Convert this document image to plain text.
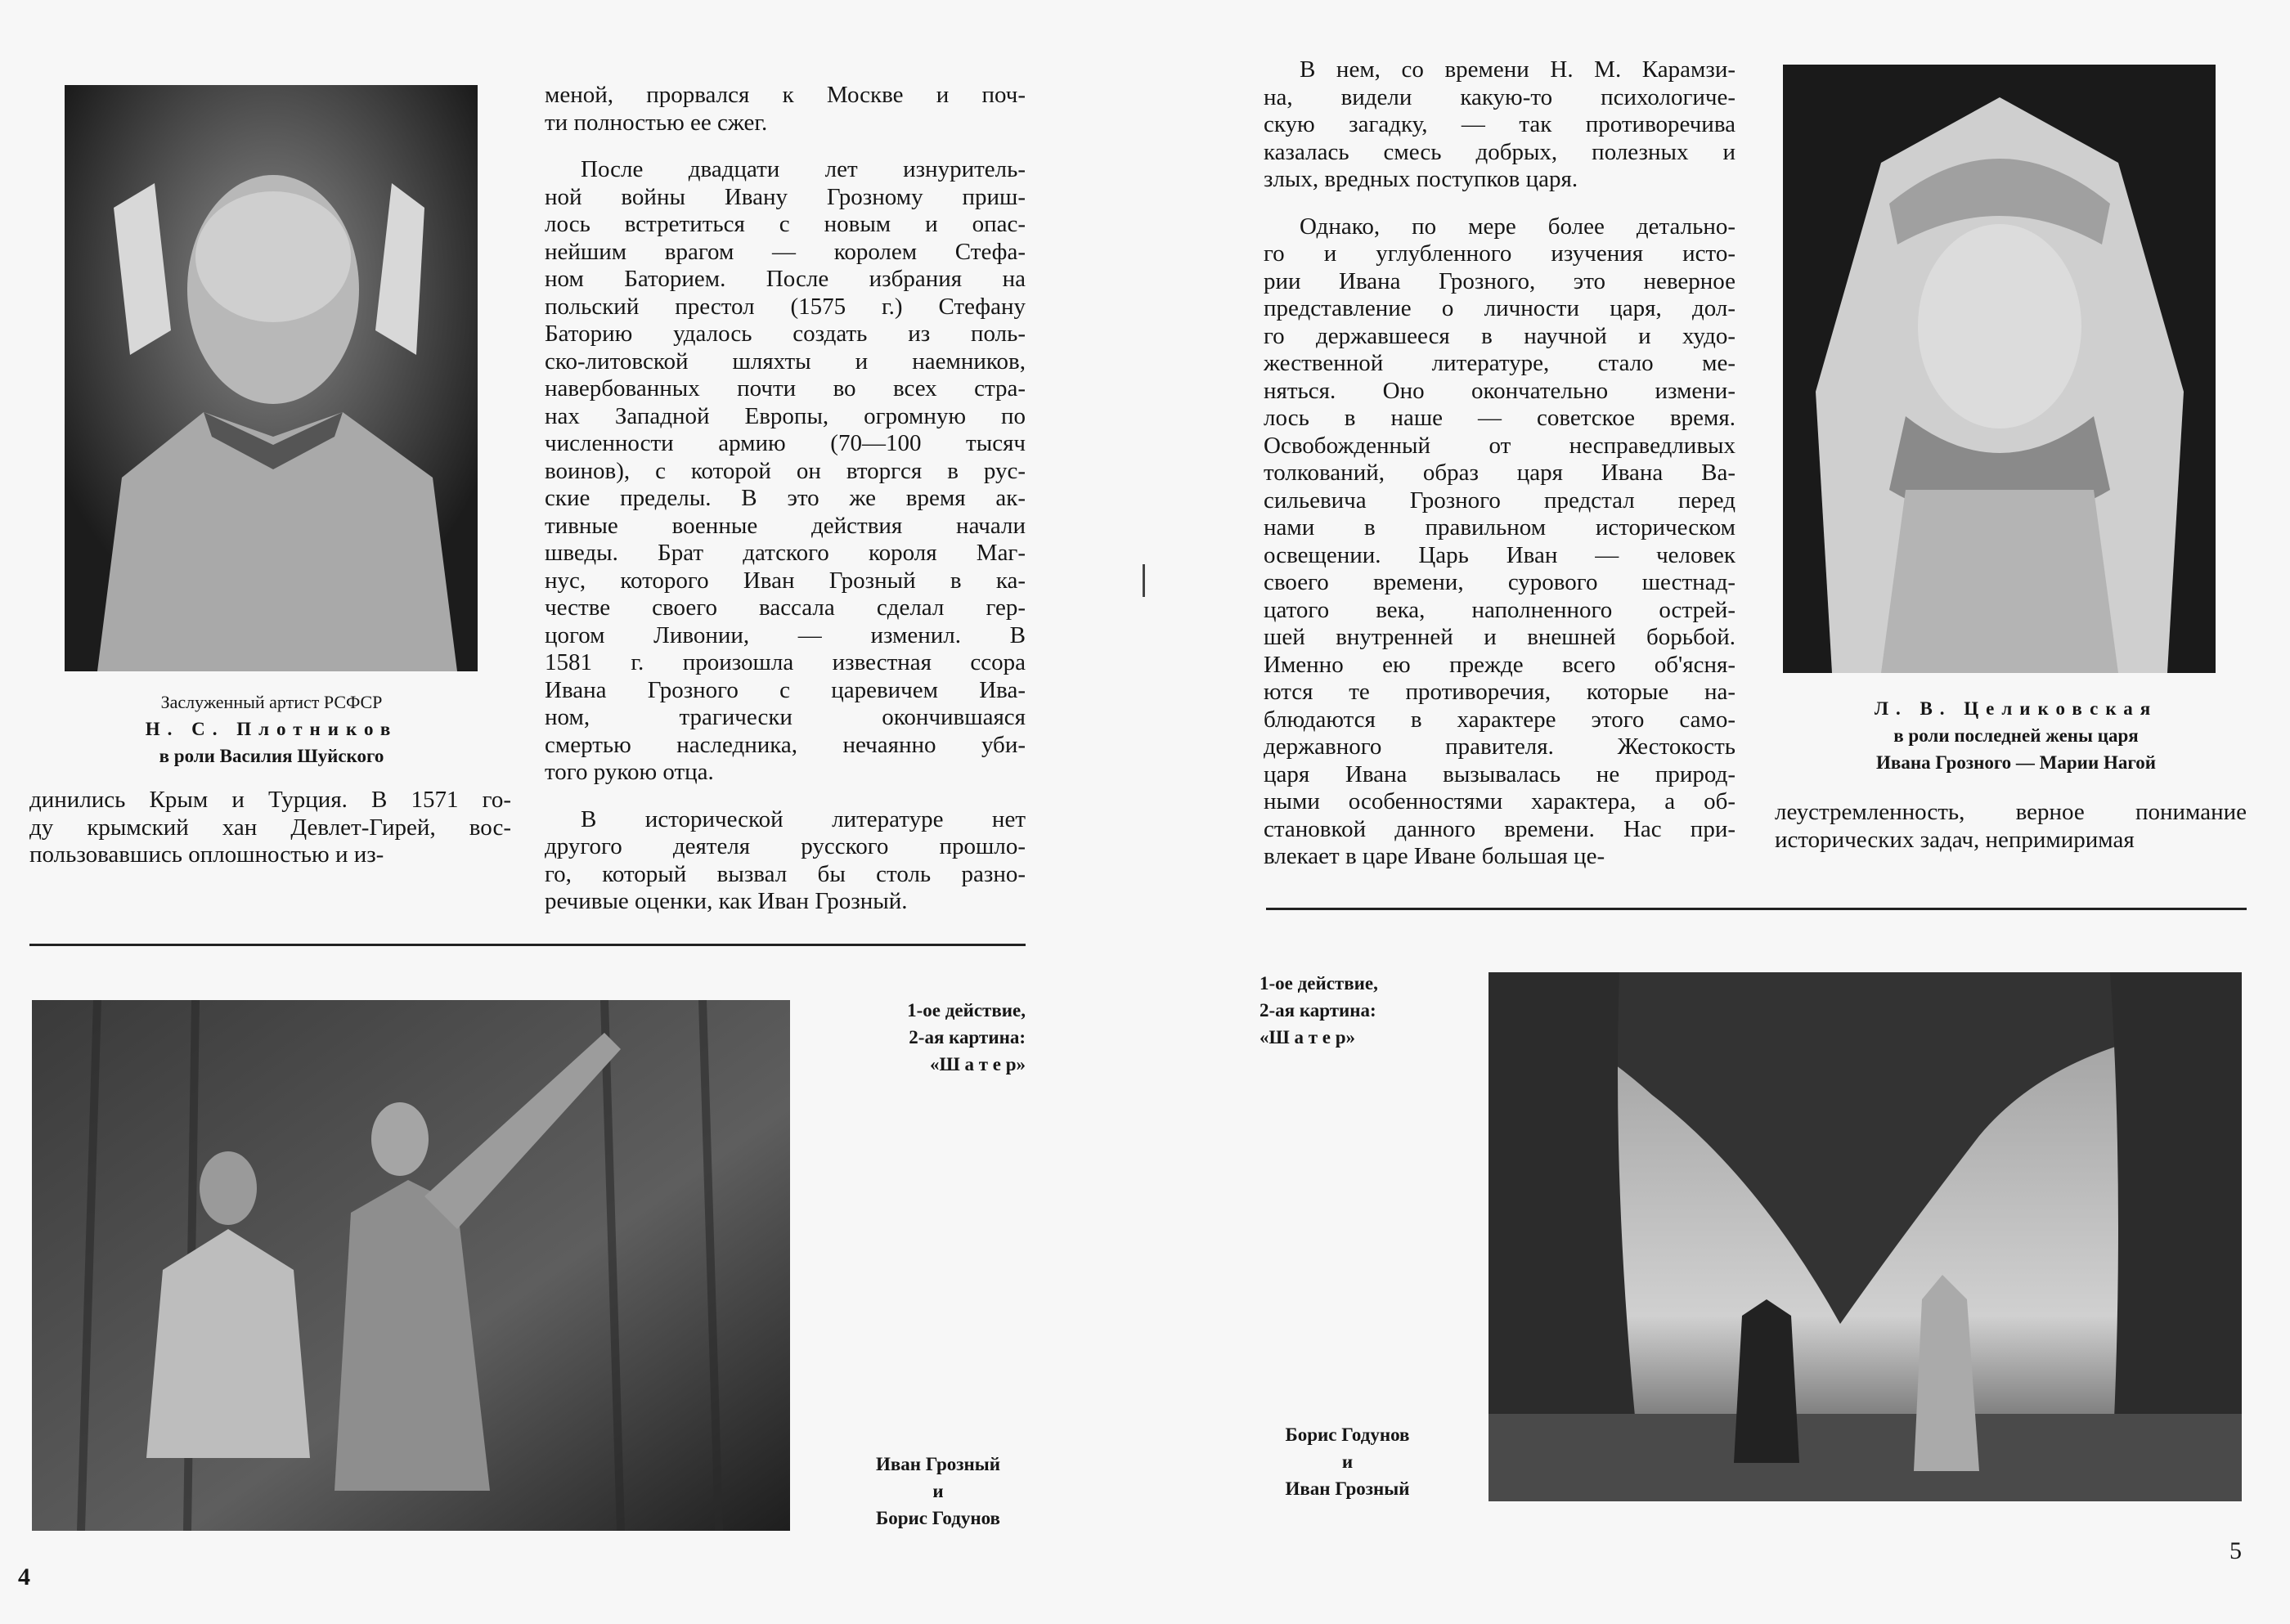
Заслуженный артист РСФСР
Н. С. Плотников
в роли Василия Шуйского
динились Крым и Турция. В 1571 го-
ду крымский хан Девлет-Гирей, вос-
пользовавшись оплошностью и из-
меной, прорвался к Москве и поч-
ти полностью ее сжег.
После двадцати лет изнуритель-
ной войны Ивану Грозному приш-
лось встретиться с новым и опас-
нейшим врагом — королем Стефа-
ном Баторием. После избрания на
польский престол (1575 г.) Стефану
Баторию удалось создать из поль-
ско-литовской шляхты и наемников,
навербованных почти во всех стра-
нах Западной Европы, огромную по
численности армию (70—100 тысяч
воинов), с которой он вторгся в рус-
ские пределы. В это же время ак-
тивные военные действия начали
шведы. Брат датского короля Маг-
нус, которого Иван Грозный в ка-
честве своего вассала сделал гер-
цогом Ливонии, — изменил. В
1581 г. произошла известная ссора
Ивана Грозного с царевичем Ива-
ном, трагически окончившаяся
смертью наследника, нечаянно уби-
того рукою отца.
В исторической литературе нет
другого деятеля русского прошло-
го, который вызвал бы столь разно-
речивые оценки, как Иван Грозный.
1-ое действие,
2-ая картина:
«Ш а т е р»
Иван Грозный
и
Борис Годунов
4
В нем, со времени Н. М. Карамзи-
на, видели какую-то психологиче-
скую загадку, — так противоречива
казалась смесь добрых, полезных и
злых, вредных поступков царя.
Однако, по мере более детально-
го и углубленного изучения исто-
рии Ивана Грозного, это неверное
представление о личности царя, дол-
го державшееся в научной и худо-
жественной литературе, стало ме-
няться. Оно окончательно измени-
лось в наше — советское время.
Освобожденный от несправедливых
толкований, образ царя Ивана Ва-
сильевича Грозного предстал перед
нами в правильном историческом
освещении. Царь Иван — человек
своего времени, сурового шестнад-
цатого века, наполненного острей-
шей внутренней и внешней борьбой.
Именно ею прежде всего об'ясня-
ются те противоречия, которые на-
блюдаются в характере этого само-
державного правителя. Жестокость
царя Ивана вызывалась не природ-
ными особенностями характера, а об-
становкой данного времени. Нас при-
влекает в царе Иване большая це-
Л. В. Целиковская
в роли последней жены царя
Ивана Грозного — Марии Нагой
леустремленность, верное понимание
исторических задач, непримиримая
1-ое действие,
2-ая картина:
«Ш а т е р»
Борис Годунов
и
Иван Грозный
5
